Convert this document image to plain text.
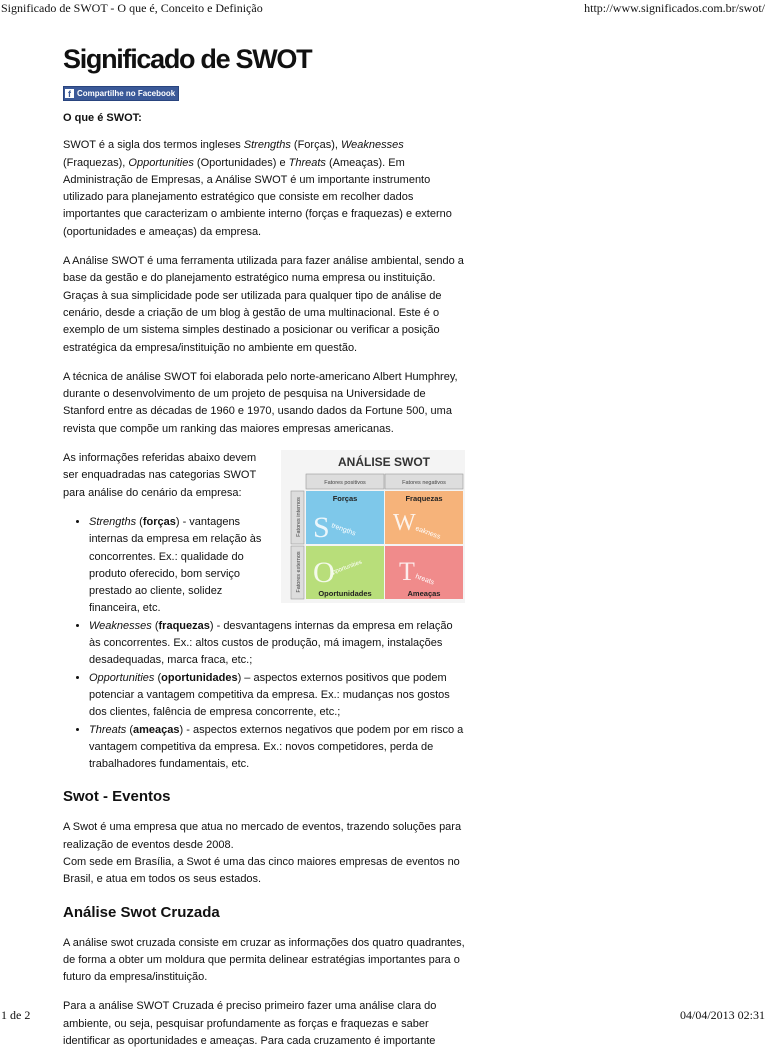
Significado de SWOT - O que é, Conceito e Definição	http://www.significados.com.br/swot/
Significado de SWOT
f Compartilhe no Facebook
O que é SWOT:

SWOT é a sigla dos termos ingleses Strengths (Forças), Weaknesses (Fraquezas), Opportunities (Oportunidades) e Threats (Ameaças). Em Administração de Empresas, a Análise SWOT é um importante instrumento utilizado para planejamento estratégico que consiste em recolher dados importantes que caracterizam o ambiente interno (forças e fraquezas) e externo (oportunidades e ameaças) da empresa.

A Análise SWOT é uma ferramenta utilizada para fazer análise ambiental, sendo a base da gestão e do planejamento estratégico numa empresa ou instituição. Graças à sua simplicidade pode ser utilizada para qualquer tipo de análise de cenário, desde a criação de um blog à gestão de uma multinacional. Este é o exemplo de um sistema simples destinado a posicionar ou verificar a posição estratégica da empresa/instituição no ambiente em questão.

A técnica de análise SWOT foi elaborada pelo norte-americano Albert Humphrey, durante o desenvolvimento de um projeto de pesquisa na Universidade de Stanford entre as décadas de 1960 e 1970, usando dados da Fortune 500, uma revista que compõe um ranking das maiores empresas americanas.

ANÁLISE SWOT
Fatores positivos	Fatores negativos
Fatores internos
Fatores externos
Forças	Fraquezas
Oportunidades	Ameaças
S trengths W
eakness
O
pportunities T hreats

As informações referidas abaixo devem ser enquadradas nas categorias SWOT para análise do cenário da empresa:

• Strengths (forças) - vantagens internas da empresa em relação às concorrentes. Ex.: qualidade do produto oferecido, bom serviço prestado ao cliente, solidez financeira, etc.
• Weaknesses (fraquezas) - desvantagens internas da empresa em relação às concorrentes. Ex.: altos custos de produção, má imagem, instalações desadequadas, marca fraca, etc.;
• Opportunities (oportunidades) – aspectos externos positivos que podem potenciar a vantagem competitiva da empresa. Ex.: mudanças nos gostos dos clientes, falência de empresa concorrente, etc.;
• Threats (ameaças) - aspectos externos negativos que podem por em risco a vantagem competitiva da empresa. Ex.: novos competidores, perda de trabalhadores fundamentais, etc.
Swot - Eventos

A Swot é uma empresa que atua no mercado de eventos, trazendo soluções para realização de eventos desde 2008.
Com sede em Brasília, a Swot é uma das cinco maiores empresas de eventos no Brasil, e atua em todos os seus estados.

Análise Swot Cruzada

A análise swot cruzada consiste em cruzar as informações dos quatro quadrantes, de forma a obter um moldura que permita delinear estratégias importantes para o futuro da empresa/instituição.

Para a análise SWOT Cruzada é preciso primeiro fazer uma análise clara do ambiente, ou seja, pesquisar profundamente as forças e fraquezas e saber identificar as oportunidades e ameaças. Para cada cruzamento é importante

1 de 2	04/04/2013 02:31
